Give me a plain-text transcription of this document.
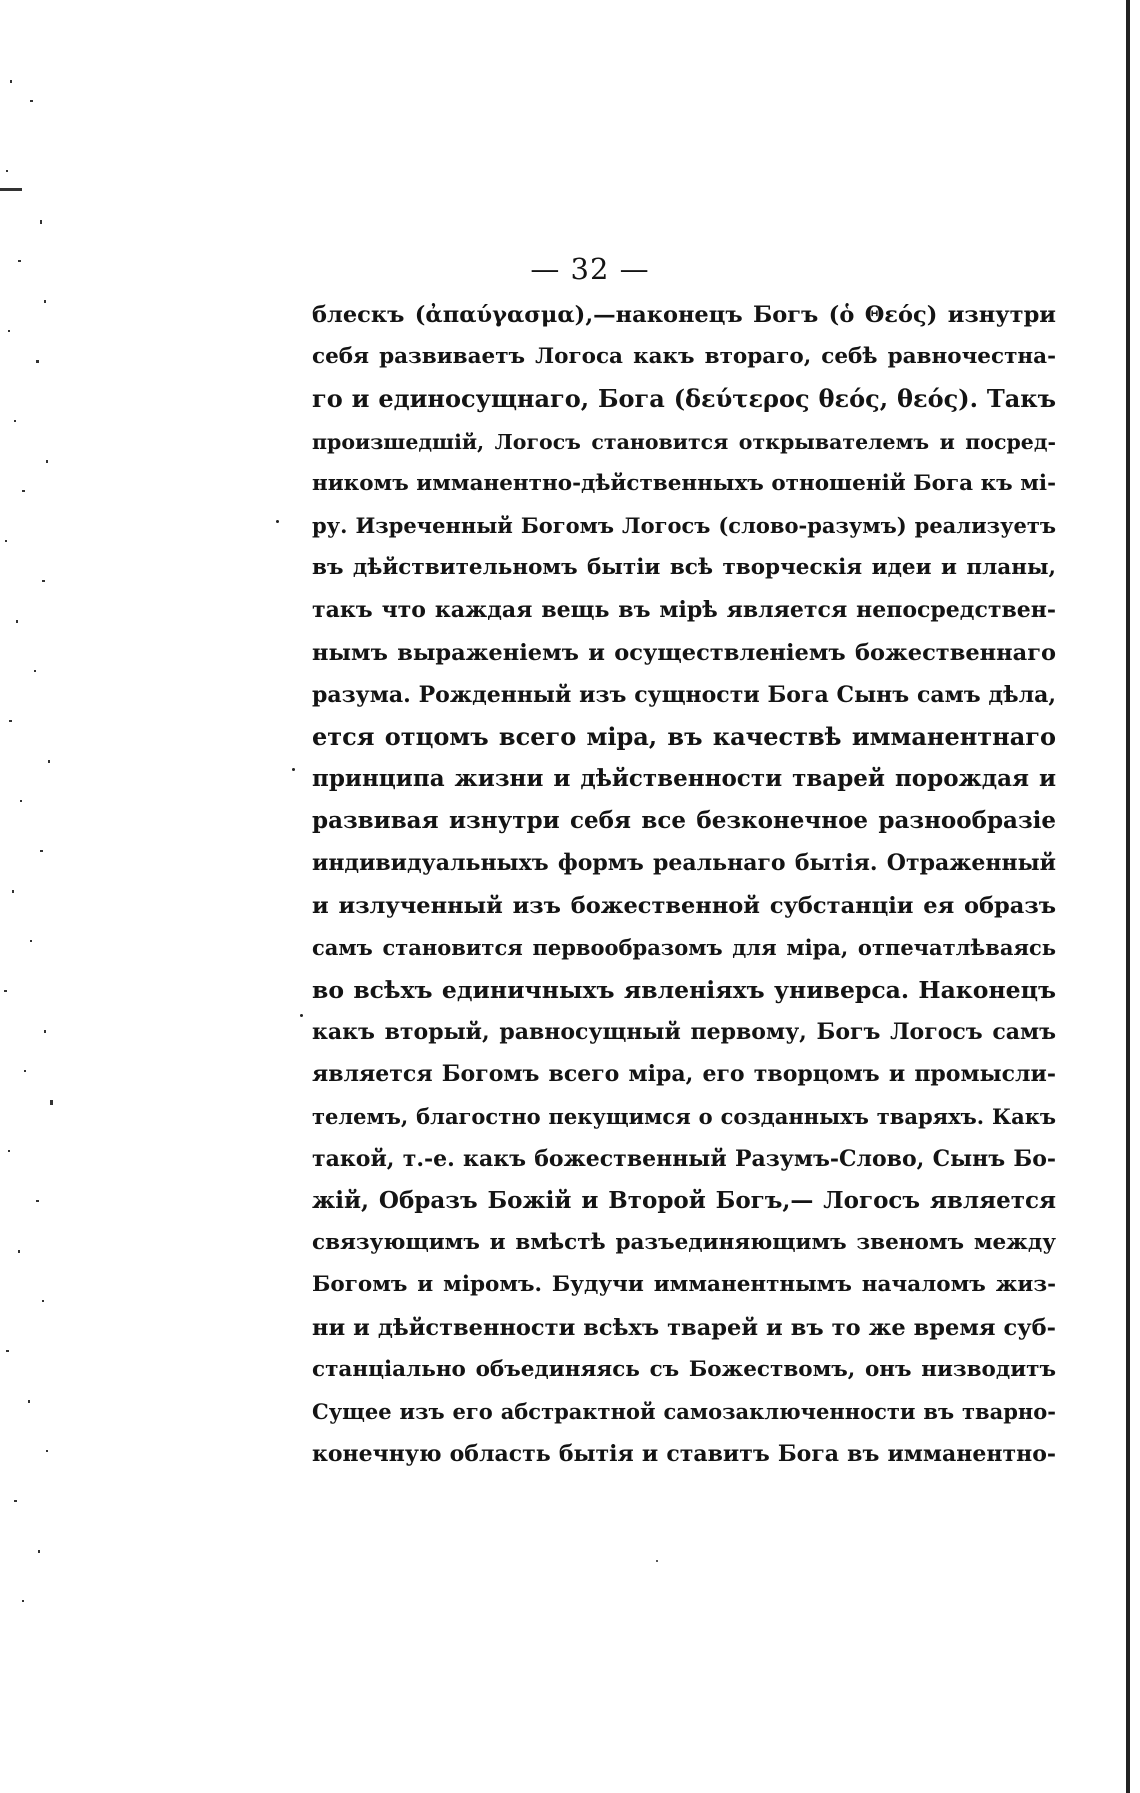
— 32 —
блескъ (ἀπαύγασμα),—наконецъ Богъ (ὁ Θεός) изнутри
себя развиваетъ Логоса какъ втораго, себѣ равночестна-
го и единосущнаго, Бога (δεύτερος θεός, θεός). Такъ
произшедшій, Логосъ становится открывателемъ и посред-
никомъ имманентно-дѣйственныхъ отношеній Бога къ мі-
ру. Изреченный Богомъ Логосъ (слово-разумъ) реализуетъ
въ дѣйствительномъ бытіи всѣ творческія идеи и планы,
такъ что каждая вещь въ мірѣ является непосредствен-
нымъ выраженіемъ и осуществленіемъ божественнаго
разума. Рожденный изъ сущности Бога Сынъ самъ дѣла,
ется отцомъ всего міра, въ качествѣ имманентнаго
принципа жизни и дѣйственности тварей порождая и
развивая изнутри себя все безконечное разнообразіе
индивидуальныхъ формъ реальнаго бытія. Отраженный
и излученный изъ божественной субстанціи ея образъ
самъ становится первообразомъ для міра, отпечатлѣваясь
во всѣхъ единичныхъ явленіяхъ универса. Наконецъ
какъ вторый, равносущный первому, Богъ Логосъ самъ
является Богомъ всего міра, его творцомъ и промысли-
телемъ, благостно пекущимся о созданныхъ тваряхъ. Какъ
такой, т.-е. какъ божественный Разумъ-Слово, Сынъ Бо-
жій, Образъ Божій и Второй Богъ,— Логосъ является
связующимъ и вмѣстѣ разъединяющимъ звеномъ между
Богомъ и міромъ. Будучи имманентнымъ началомъ жиз-
ни и дѣйственности всѣхъ тварей и въ то же время суб-
станціально объединяясь съ Божествомъ, онъ низводитъ
Сущее изъ его абстрактной самозаключенности въ тварно-
конечную область бытія и ставитъ Бога въ имманентно-
